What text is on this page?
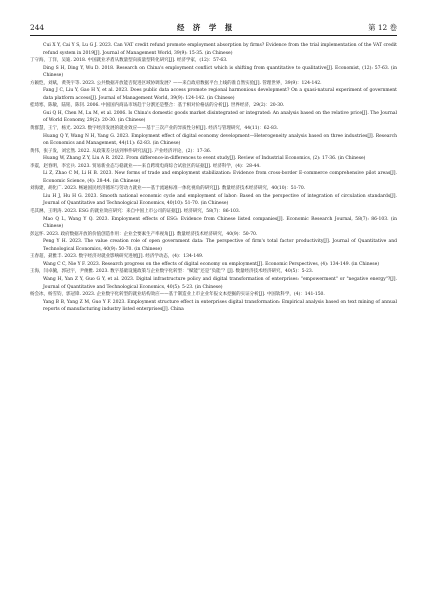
244	经 济 学 报	第 12 卷
Cui X Y, Cai Y S, Lu G J. 2023. Can VAT credit refund promote employment absorption by firms? Evidence from the trial implementation of the VAT credit refund system in 2019[J]. Journal of Management World, 39(9): 15-35. (in Chinese)
丁守海，丁洋，吴迪. 2018. 中国就业矛盾从数量型向质量型转化研究[J]. 经济学家，(12)：57-63.
Ding S H, Ding Y, Wu D. 2018. Research on China's employment conflict which is shifting from quantitative to qualitative[J]. Economist, (12): 57-63. (in Chinese)
方颖恺，刘斌，黄英宇等. 2023. 公共数据开放能否促进区域协调发展？——来自政府数据平台上线的准自然实验[J]. 管理世界，39(9)：124-142.
Fang J C, Liu Y, Gao H Y, et al. 2023. Does public data access promote regional harmonious development? On a quasi-natural experiment of government data platform access[J]. Journal of Management World, 39(9): 124-142. (in Chinese)
桂琦寒，陈敏，陆铭，陈钊. 2006. 中国国内商品市场趋于分割还是整合：基于相对价格法的分析[J]. 世界经济，29(2)：20-30.
Gui Q H, Chen M, Lu M, et al. 2006. Is China's domestic goods market disintegrated or integrated: An analysis based on the relative price[J]. The Journal of World Economy, 29(2): 20-30. (in Chinese)
黄群慧，王宁，杨光. 2023. 数字经济发展的就业效应——基于三次产业的异质性分析[J]. 经济与管理研究，44(11)：62-83.
Huang Q Y, Wang N H, Yang G. 2023. Employment effect of digital economy development—Heterogeneity analysis based on three industries[J]. Research on Economics and Management, 44(11): 62-83. (in Chinese)
黄伟，张子发，刘宏然. 2022. 从政策差分法到事件研究法[J]. 产业经济评论，(2)：17-36.
Huang W, Zhang Z Y, Liu A R. 2022. From difference-in-differences to event study[J]. Review of Industrial Economics, (2): 17-36. (in Chinese)
李震，赵春明，李宏兵. 2023. 贸易新业态与稳就业——来自跨境电商综合试验区的证据[J]. 经济科学，(4)：28-44.
Li Z, Zhao C M, Li H B. 2023. New forms of trade and employment stabilization: Evidence from cross-border E-commerce comprehensive pilot areas[J]. Economic Science, (4): 28-44. (in Chinese)
刘海建，胡化广. 2023. 畅通国民经济循环与劳动力就业——基于流通标准一体化视角的研究[J]. 数量经济技术经济研究，40(10)：51-70.
Liu H J, Hu H G. 2023. Smooth national economic cycle and employment of labor: Based on the perspective of integration of circulation standards[J]. Journal of Quantitative and Technological Economics, 40(10): 51-70. (in Chinese)
毛其淋，王明涛. 2023. ESG 的就业效应研究：来自中国上市公司的证据[J]. 经济研究，58(7)：86-103.
Mao Q L, Wang Y Q. 2023. Employment effects of ESG: Evidence from Chinese listed companies[J]. Economic Research Journal, 58(7): 86-103. (in Chinese)
彭远怀. 2023. 政府数据开放的价值创造作用：企业全要素生产率视角[J]. 数量经济技术经济研究，40(9)：50-70.
Peng Y H. 2023. The value creation role of open government data: The perspective of firm's total factor productivity[J]. Journal of Quantitative and Technological Economics, 40(9): 50-70. (in Chinese)
王春超，聂雅丰. 2023. 数字经济对就业影响研究进展[J]. 经济学动态，(4)：134-149.
Wang C C, Nie Y F. 2023. Research progress on the effects of digital economy on employment[J]. Economic Perspectives, (4): 134-149. (in Chinese)
王海，闫卓毓，郭冠宇，尹俊雅. 2023. 数字基础设施政策与企业数字化转型：“赋能”还是“负能”？[J]. 数量经济技术经济研究，40(5)：5-23.
Wang H, Yan Z Y, Guo G Y, et al. 2023. Digital infrastructure policy and digital transformation of enterprises: "empowerment" or "negative energy"?[J]. Journal of Quantitative and Technological Economics, 40(5): 5-23. (in Chinese)
杨会冰，杨雪钧，郭冠锋. 2023. 企业数字化转型的就业结构效应——基于制造业上市企业年报文本挖掘的实证分析[J]. 中国软科学，(4)：141-150.
Yang B B, Yang Z M, Guo Y F. 2023. Employment structure effect in enterprises digital transformation: Empirical analysis based on text mining of annual reports of manufacturing industry listed enterprises[J]. China
